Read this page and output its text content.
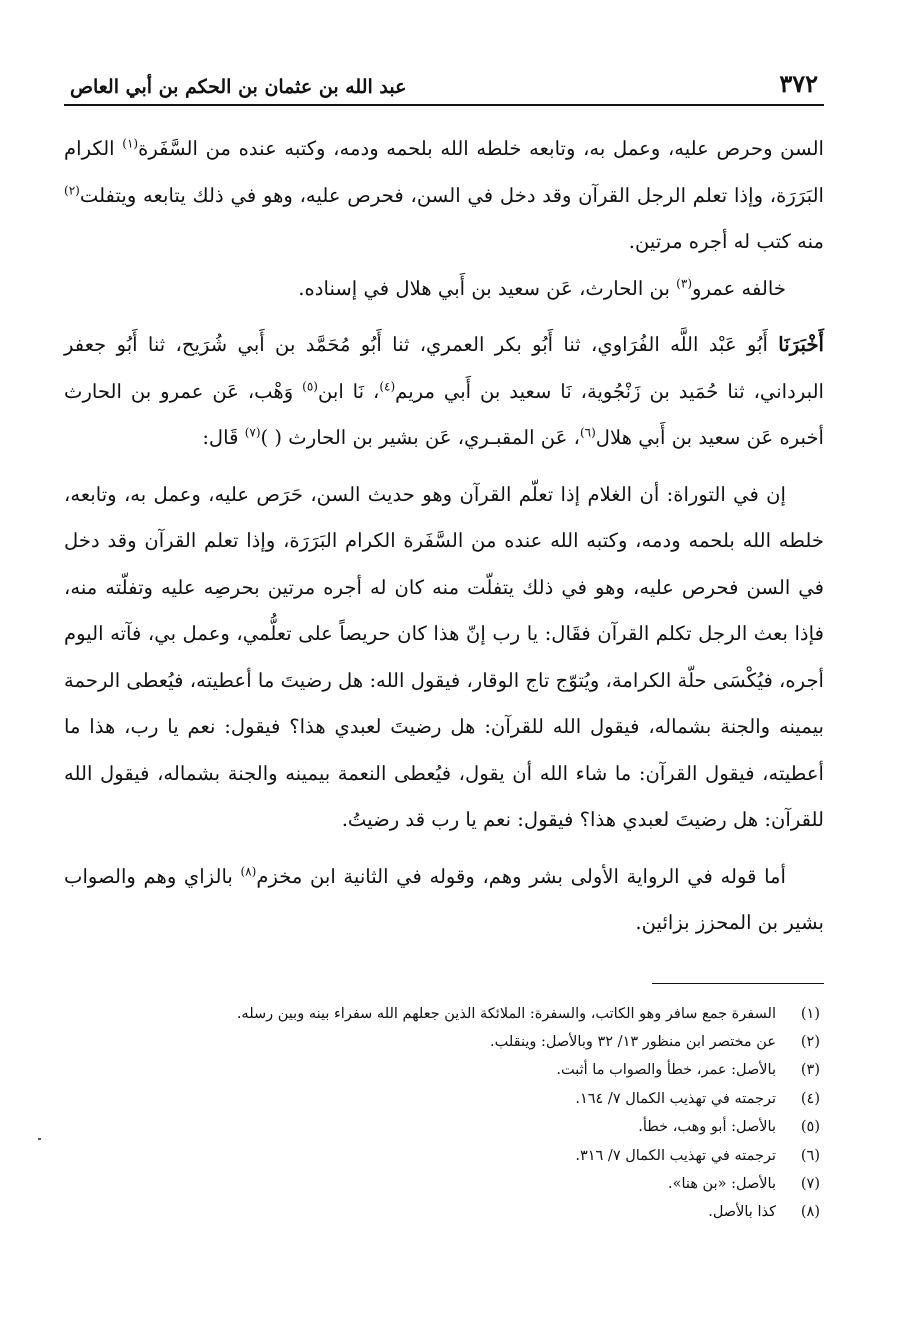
٣٧٢
عبد الله بن عثمان بن الحكم بن أبي العاص

السن وحرص عليه، وعمل به، وتابعه خلطه الله بلحمه ودمه، وكتبه عنده من السَّفَرة$^{(١)}$ الكرام البَرَرَة، وإذا تعلم الرجل القرآن وقد دخل في السن، فحرص عليه، وهو في ذلك يتابعه ويتفلت$^{(٢)}$ منه كتب له أجره مرتين.

خالفه عمرو$^{(٣)}$ بن الحارث، عَن سعيد بن أَبي هلال في إسناده.

أَخْبَرَنَا أَبُو عَبْد اللَّه الفُرَاوي، ثنا أَبُو بكر العمري، ثنا أَبُو مُحَمَّد بن أَبي شُرَيح، ثنا أَبُو جعفر البرداني، ثنا حُمَيد بن زَنْجُوية، نَا سعيد بن أَبي مريم$^{(٤)}$، نَا ابن$^{(٥)}$ وَهْب، عَن عمرو بن الحارث أخبره عَن سعيد بن أَبي هلال$^{(٦)}$، عَن المقبـري، عَن بشير بن الحارث ( )$^{(٧)}$ قَال:

إن في التوراة: أن الغلام إذا تعلّم القرآن وهو حديث السن، حَرَص عليه، وعمل به، وتابعه، خلطه الله بلحمه ودمه، وكتبه الله عنده من السَّفَرة الكرام البَرَرَة، وإذا تعلم القرآن وقد دخل في السن فحرص عليه، وهو في ذلك يتفلّت منه كان له أجره مرتين بحرصِه عليه وتفلّته منه، فإذا بعث الرجل تكلم القرآن فقَال: يا رب إنّ هذا كان حريصاً على تعلُّمي، وعمل بي، فآته اليوم أجره، فيُكْسَى حلّة الكرامة، ويُتوّج تاج الوقار، فيقول الله: هل رضيتَ ما أعطيته، فيُعطى الرحمة بيمينه والجنة بشماله، فيقول الله للقرآن: هل رضيتَ لعبدي هذا؟ فيقول: نعم يا رب، هذا ما أعطيته، فيقول القرآن: ما شاء الله أن يقول، فيُعطى النعمة بيمينه والجنة بشماله، فيقول الله للقرآن: هل رضيتَ لعبدي هذا؟ فيقول: نعم يا رب قد رضيتُ.

أما قوله في الرواية الأولى بشر وهم، وقوله في الثانية ابن مخزم$^{(٨)}$ بالزاي وهم والصواب بشير بن المحزز بزائين.

(١)
السفرة جمع سافر وهو الكاتب، والسفرة: الملائكة الذين جعلهم الله سفراء بينه وبين رسله.
(٢)
عن مختصر ابن منظور ١٣/ ٣٢ وبالأصل: وينقلب.
(٣)
بالأصل: عمر، خطأ والصواب ما أثبت.
(٤)
ترجمته في تهذيب الكمال ٧/ ١٦٤.
(٥)
بالأصل: أبو وهب، خطأ.
(٦)
ترجمته في تهذيب الكمال ٧/ ٣١٦.
(٧)
بالأصل: «بن هنا».
(٨)
كذا بالأصل.
